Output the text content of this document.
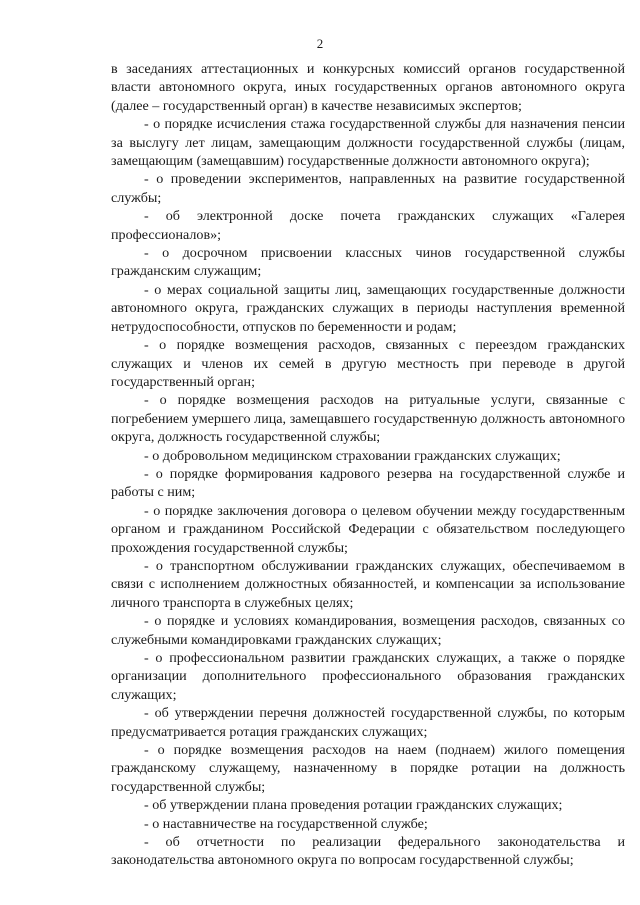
2

в заседаниях аттестационных и конкурсных комиссий органов государственной власти автономного округа, иных государственных органов автономного округа (далее – государственный орган) в качестве независимых экспертов;

- о порядке исчисления стажа государственной службы для назначения пенсии за выслугу лет лицам, замещающим должности государственной службы (лицам, замещающим (замещавшим) государственные должности автономного округа);

- о проведении экспериментов, направленных на развитие государственной службы;

- об электронной доске почета гражданских служащих «Галерея профессионалов»;

- о досрочном присвоении классных чинов государственной службы гражданским служащим;

- о мерах социальной защиты лиц, замещающих государственные должности автономного округа, гражданских служащих в периоды наступления временной нетрудоспособности, отпусков по беременности и родам;

- о порядке возмещения расходов, связанных с переездом гражданских служащих и членов их семей в другую местность при переводе в другой государственный орган;

- о порядке возмещения расходов на ритуальные услуги, связанные с погребением умершего лица, замещавшего государственную должность автономного округа, должность государственной службы;

- о добровольном медицинском страховании гражданских служащих;

- о порядке формирования кадрового резерва на государственной службе и работы с ним;

- о порядке заключения договора о целевом обучении между государственным органом и гражданином Российской Федерации с обязательством последующего прохождения государственной службы;

- о транспортном обслуживании гражданских служащих, обеспечиваемом в связи с исполнением должностных обязанностей, и компенсации за использование личного транспорта в служебных целях;

- о порядке и условиях командирования, возмещения расходов, связанных со служебными командировками гражданских служащих;

- о профессиональном развитии гражданских служащих, а также о порядке организации дополнительного профессионального образования гражданских служащих;

- об утверждении перечня должностей государственной службы, по которым предусматривается ротация гражданских служащих;

- о порядке возмещения расходов на наем (поднаем) жилого помещения гражданскому служащему, назначенному в порядке ротации на должность государственной службы;

- об утверждении плана проведения ротации гражданских служащих;

- о наставничестве на государственной службе;

- об отчетности по реализации федерального законодательства и законодательства автономного округа по вопросам государственной службы;
